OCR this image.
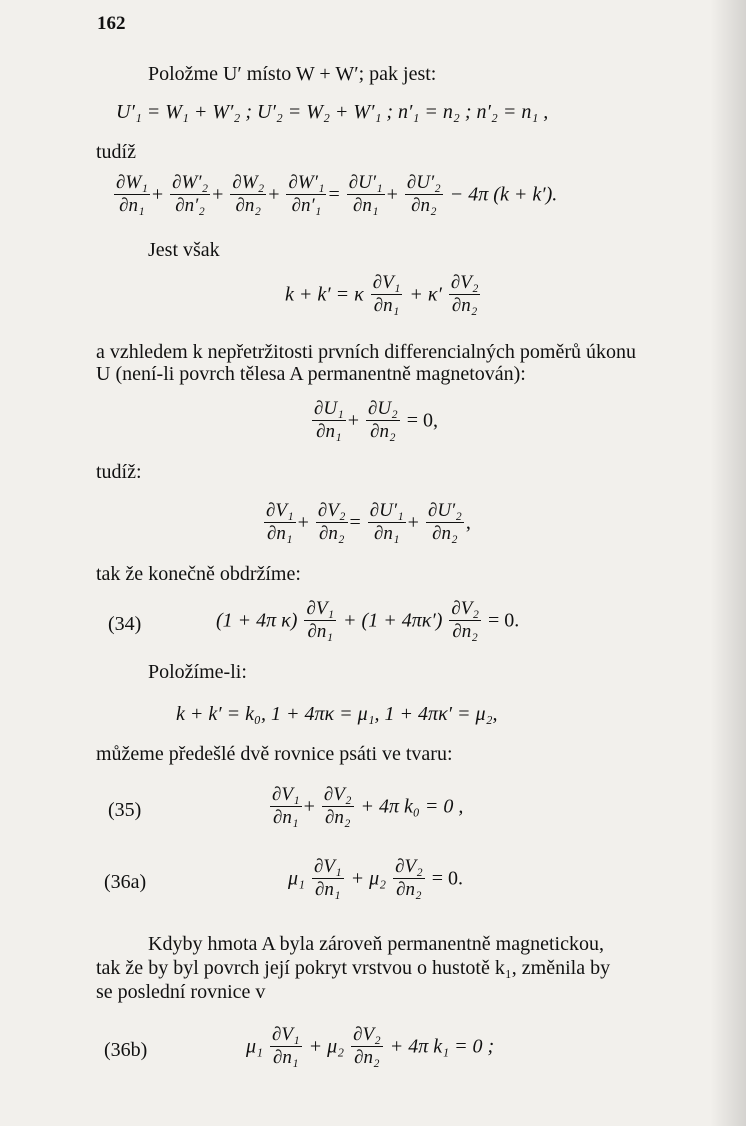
162
Položme U′ místo W + W′; pak jest:
U′₁ = W₁ + W′₂ ; U′₂ = W₂ + W′₁ ; n′₁ = n₂ ; n′₂ = n₁ ,
tudíž
$\frac{\text{∂W₁}}{\text{∂n₁}} + \frac{\text{∂W′₂}}{\text{∂n′₂}} + \frac{\text{∂W₂}}{\text{∂n₂}} + \frac{\text{∂W′₁}}{\text{∂n′₁}} = \frac{\text{∂U′₁}}{\text{∂n₁}} + \frac{\text{∂U′₂}}{\text{∂n₂}} - 4\pi$ (k + k′).
Jest však
k + k′ = κ $\frac{\text{∂V₁}}{\text{∂n₁}} + \kappa' \frac{\text{∂V₂}}{\text{∂n₂}}$
a vzhledem k nepřetržitosti prvních differencialných poměrů úkonu
U (není-li povrch tělesa A permanentně magnetován):
$\frac{\text{∂U₁}}{\text{∂n₁}} + \frac{\text{∂U₂}}{\text{∂n₂}} = 0$,
tudíž:
$\frac{\text{∂V₁}}{\text{∂n₁}} + \frac{\text{∂V₂}}{\text{∂n₂}} = \frac{\text{∂U′₁}}{\text{∂n₁}} + \frac{\text{∂U′₂}}{\text{∂n₂}}$ ,
tak že konečně obdržíme:
(34)	(1 + 4π $\kappa) \frac{\text{∂V₁}}{\text{∂n₁}} + (1 + 4\pi\kappa') \frac{\text{∂V₂}}{\text{∂n₂}} = 0$.
Položíme-li:
k + k′ = k₀, 1 + 4πκ = μ₁, 1 + 4πκ′ = μ₂,
můžeme předešlé dvě rovnice psáti ve tvaru:
(35)	$\frac{\text{∂V₁}}{\text{∂n₁}} + \frac{\text{∂V₂}}{\text{∂n₂}} + 4\pi$ k₀ = 0 ,
(36a)	$\mu_1 \frac{\text{∂V₁}}{\text{∂n₁}} + \mu_2 \frac{\text{∂V₂}}{\text{∂n₂}} = 0$.
Kdyby hmota A byla zároveň permanentně magnetickou,
tak že by byl povrch její pokryt vrstvou o hustotě k₁, změnila by
se poslední rovnice v
(36b)	$\mu_1 \frac{\text{∂V₁}}{\text{∂n₁}} + \mu_2 \frac{\text{∂V₂}}{\text{∂n₂}} + 4\pi$ k₁ = 0 ;
